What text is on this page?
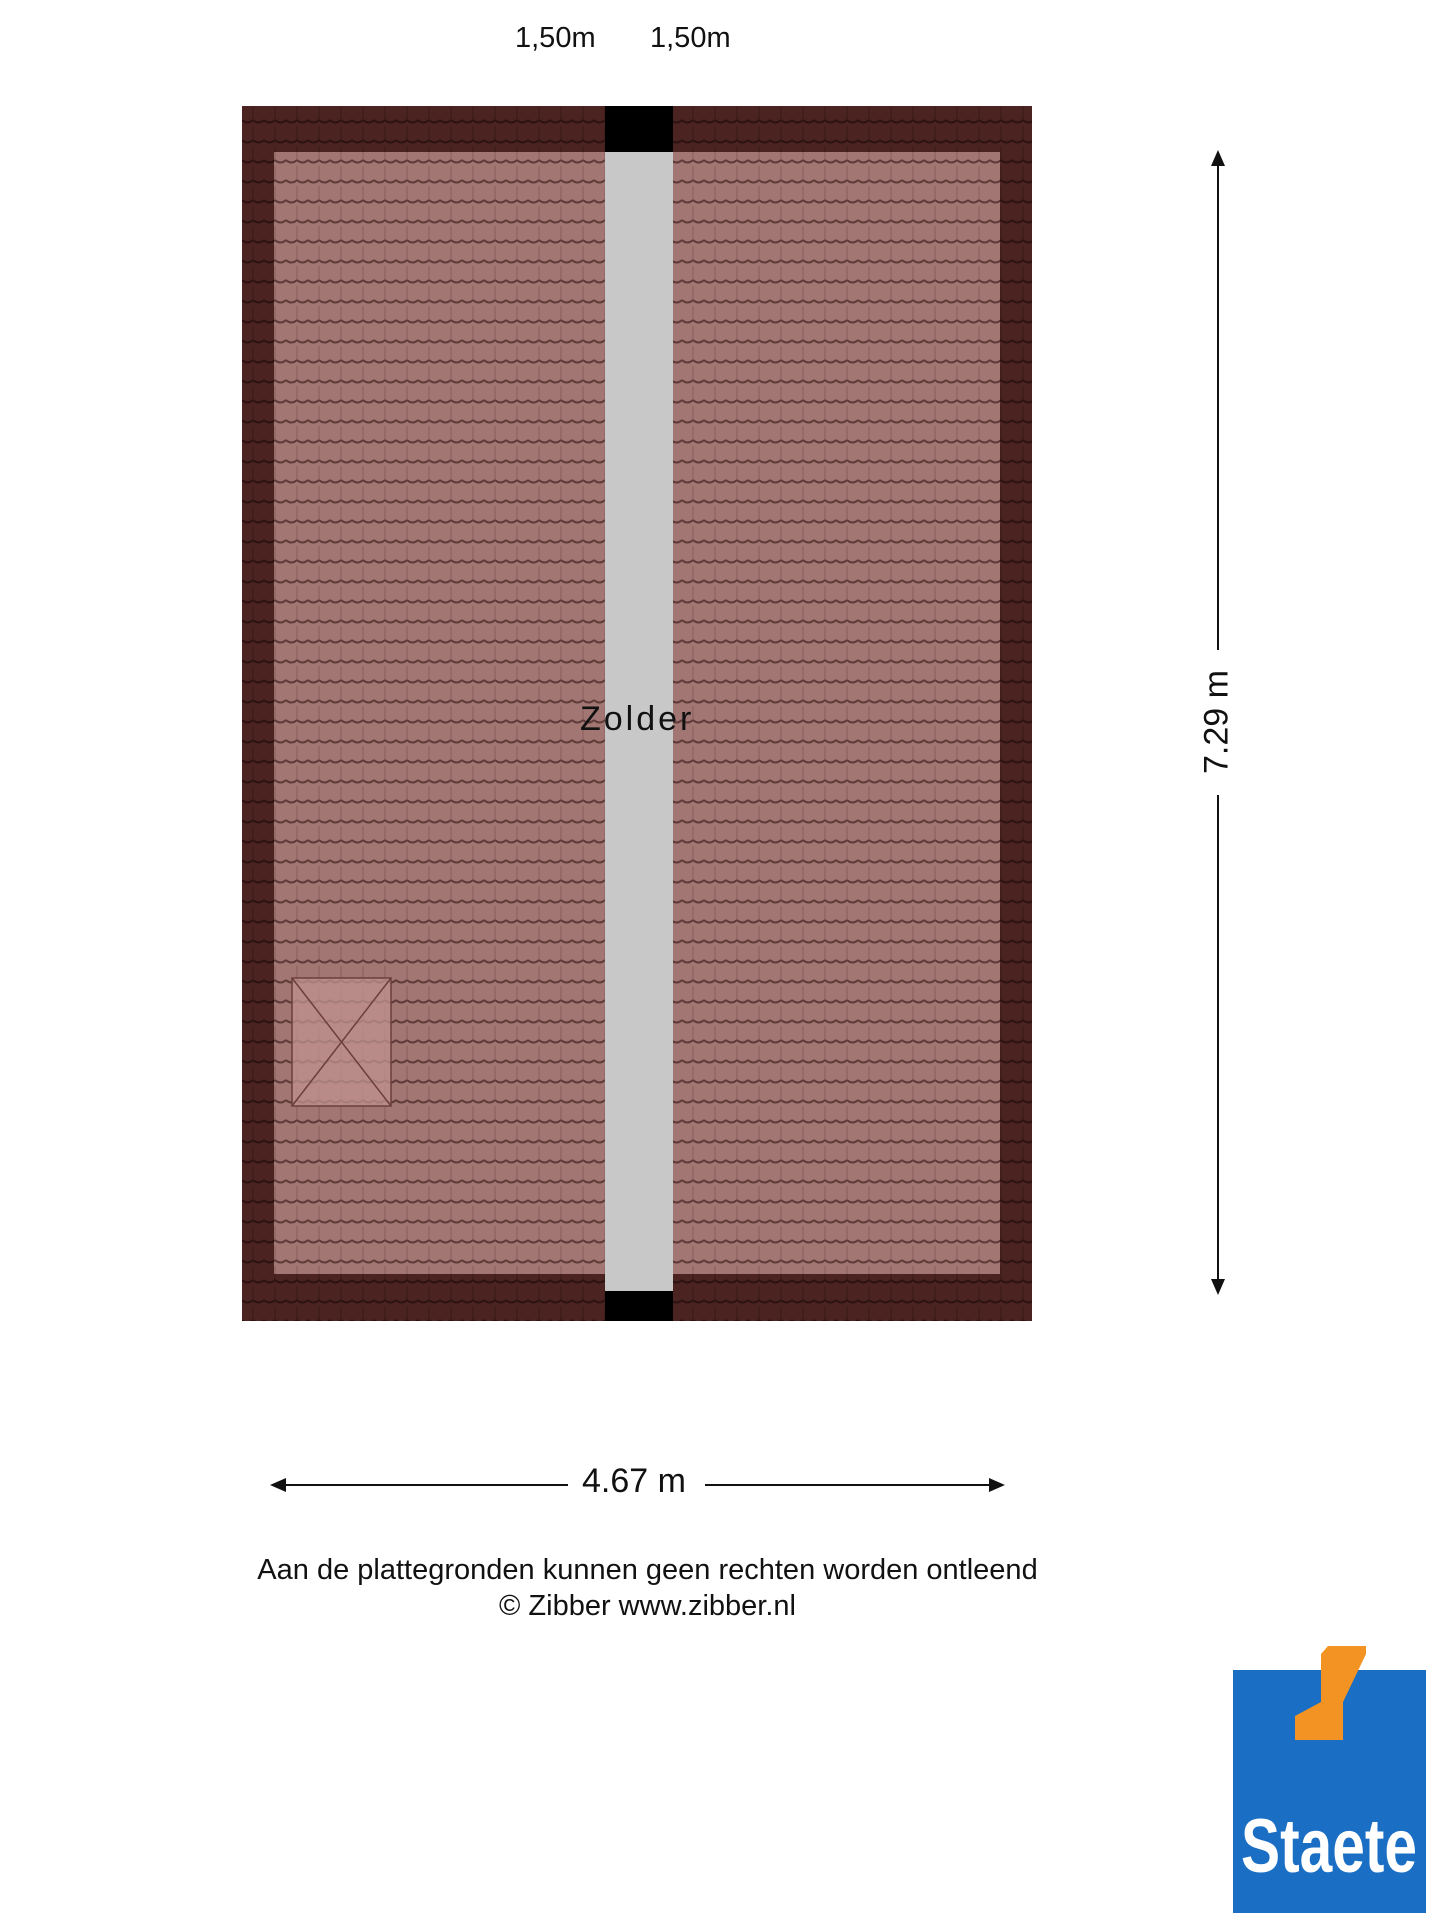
1,50m 1,50m
Zolder	7.29 m
4.67 m
Aan de plattegronden kunnen geen rechten worden ontleend
© Zibber www.zibber.nl
Staete
